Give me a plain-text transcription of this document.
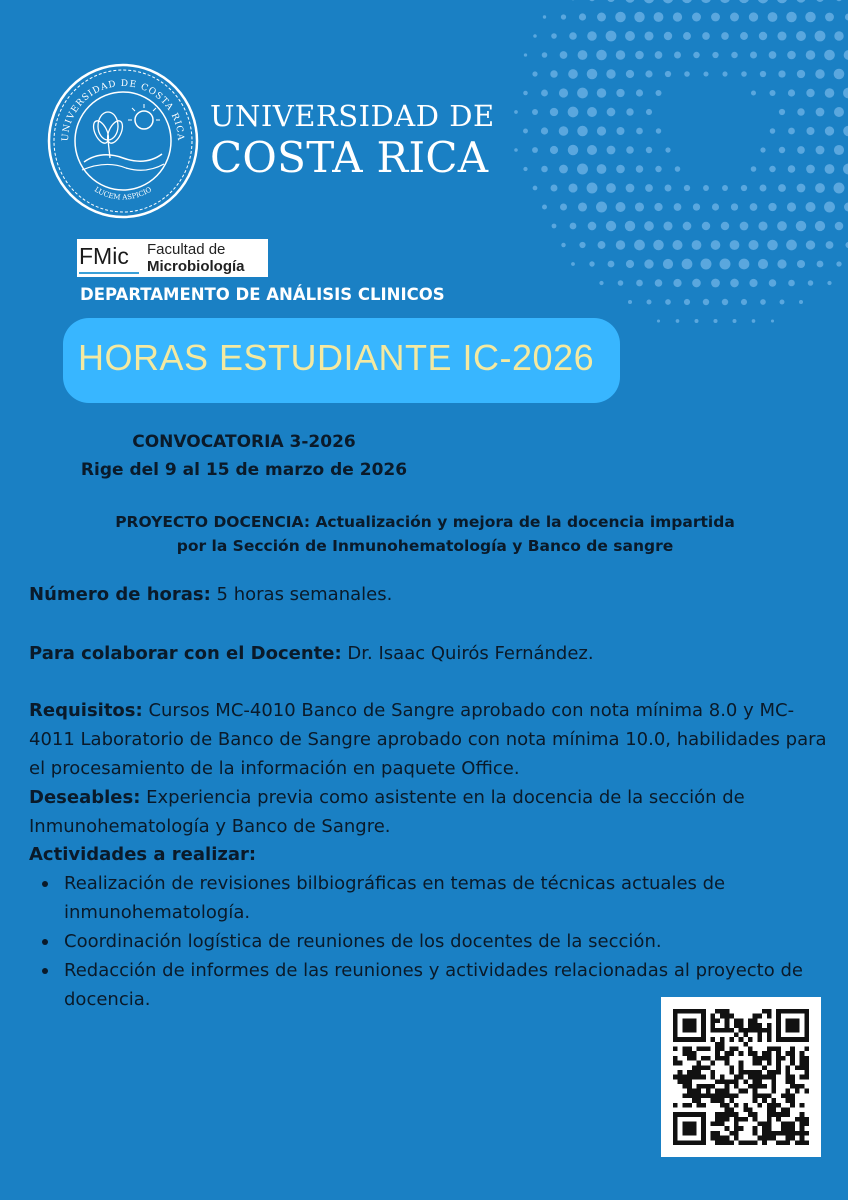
UNIVERSIDAD DE COSTA RICA
LUCEM ASPICIO
UNIVERSIDAD DE
COSTA RICA
FMic Facultad de
Microbiología
DEPARTAMENTO DE ANÁLISIS CLINICOS
HORAS ESTUDIANTE IC-2026
CONVOCATORIA 3-2026
Rige del 9 al 15 de marzo de 2026
PROYECTO DOCENCIA: Actualización y mejora de la docencia impartida
por la Sección de Inmunohematología y Banco de sangre
Número de horas: 5 horas semanales.
Para colaborar con el Docente: Dr. Isaac Quirós Fernández.
Requisitos: Cursos MC-4010 Banco de Sangre aprobado con nota mínima 8.0 y MC-4011 Laboratorio de Banco de Sangre aprobado con nota mínima 10.0, habilidades para el procesamiento de la información en paquete Office.
Deseables: Experiencia previa como asistente en la docencia de la sección de Inmunohematología y Banco de Sangre.
Actividades a realizar:
Realización de revisiones bilbiográficas en temas de técnicas actuales de inmunohematología.
Coordinación logística de reuniones de los docentes de la sección.
Redacción de informes de las reuniones y actividades relacionadas al proyecto de docencia.
